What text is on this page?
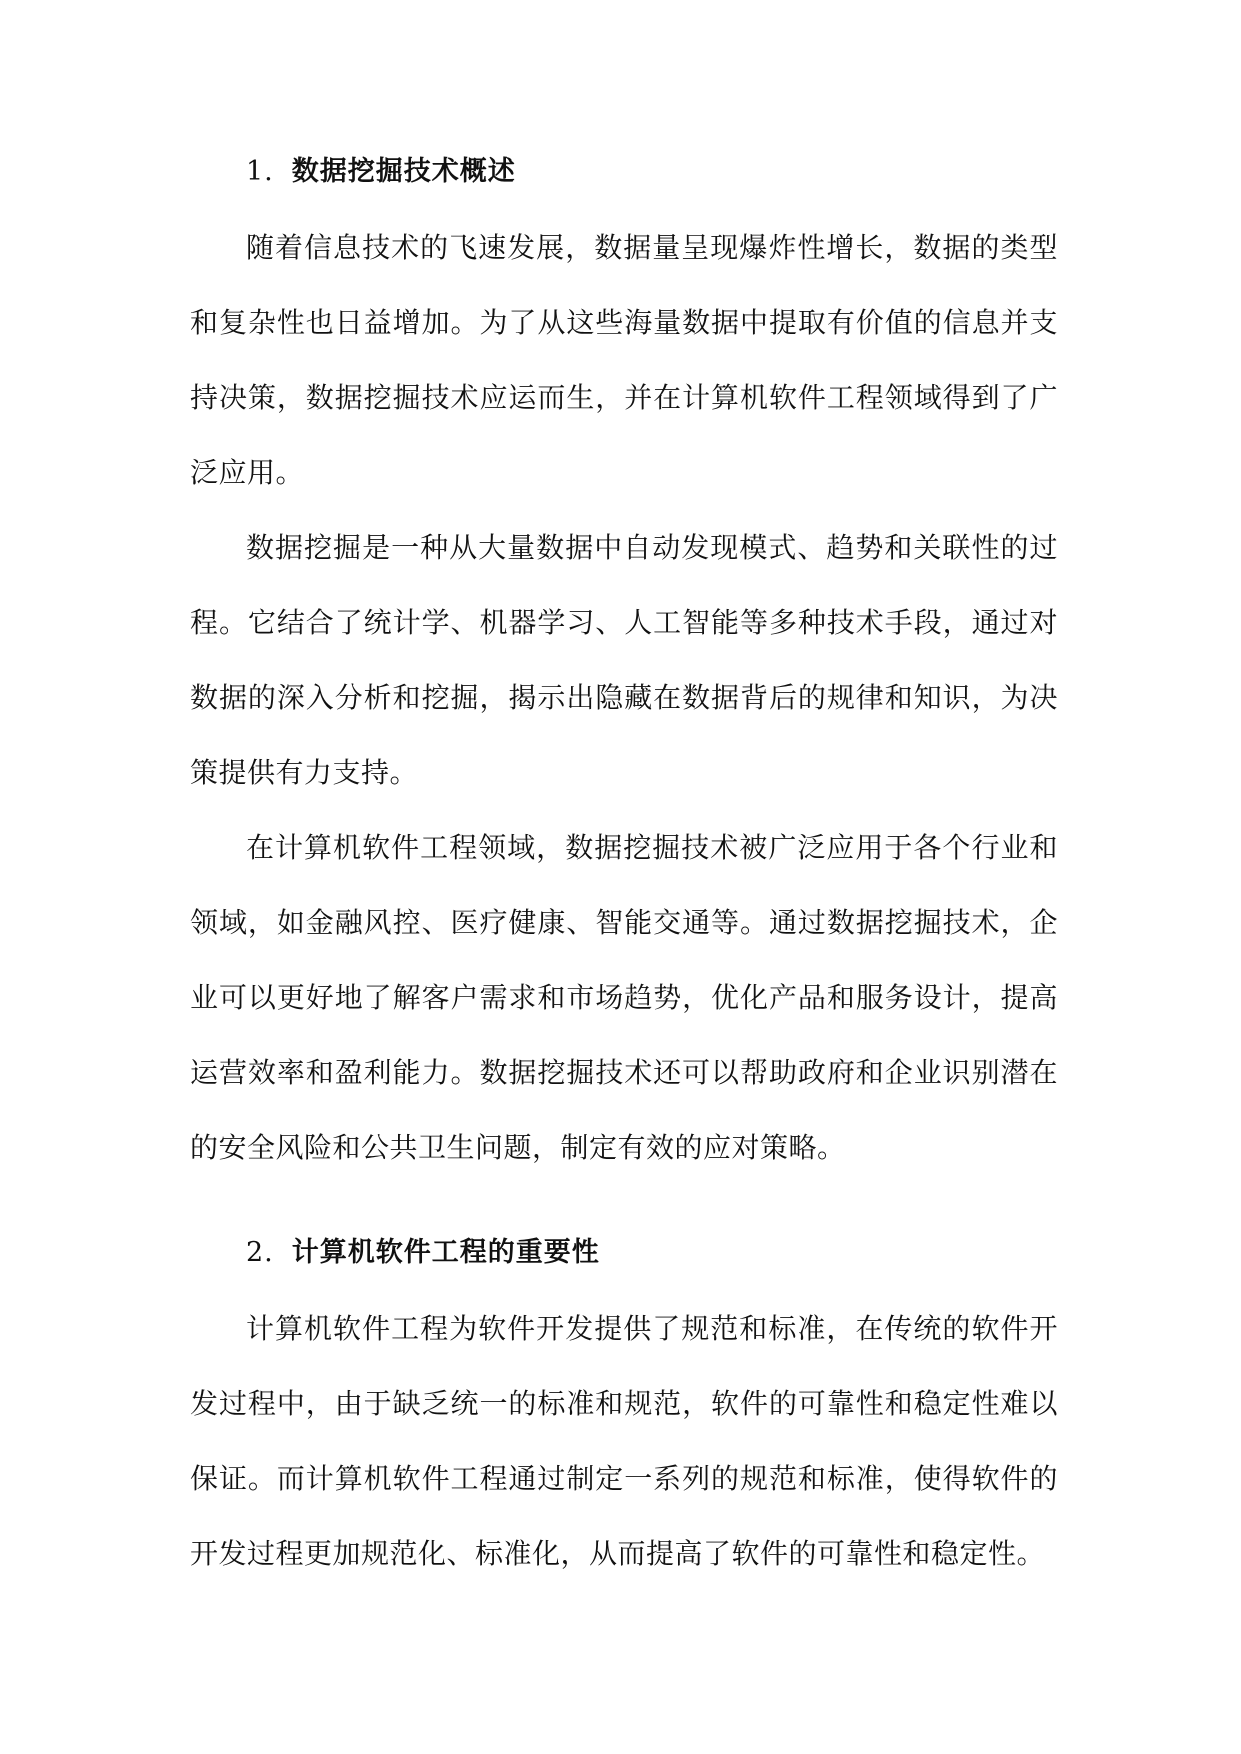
1. 数据挖掘技术概述

随着信息技术的飞速发展，数据量呈现爆炸性增长，数据的类型和复杂性也日益增加。为了从这些海量数据中提取有价值的信息并支持决策，数据挖掘技术应运而生，并在计算机软件工程领域得到了广泛应用。

数据挖掘是一种从大量数据中自动发现模式、趋势和关联性的过程。它结合了统计学、机器学习、人工智能等多种技术手段，通过对数据的深入分析和挖掘，揭示出隐藏在数据背后的规律和知识，为决策提供有力支持。

在计算机软件工程领域，数据挖掘技术被广泛应用于各个行业和领域，如金融风控、医疗健康、智能交通等。通过数据挖掘技术，企业可以更好地了解客户需求和市场趋势，优化产品和服务设计，提高运营效率和盈利能力。数据挖掘技术还可以帮助政府和企业识别潜在的安全风险和公共卫生问题，制定有效的应对策略。

2. 计算机软件工程的重要性

计算机软件工程为软件开发提供了规范和标准，在传统的软件开发过程中，由于缺乏统一的标准和规范，软件的可靠性和稳定性难以保证。而计算机软件工程通过制定一系列的规范和标准，使得软件的开发过程更加规范化、标准化，从而提高了软件的可靠性和稳定性。
